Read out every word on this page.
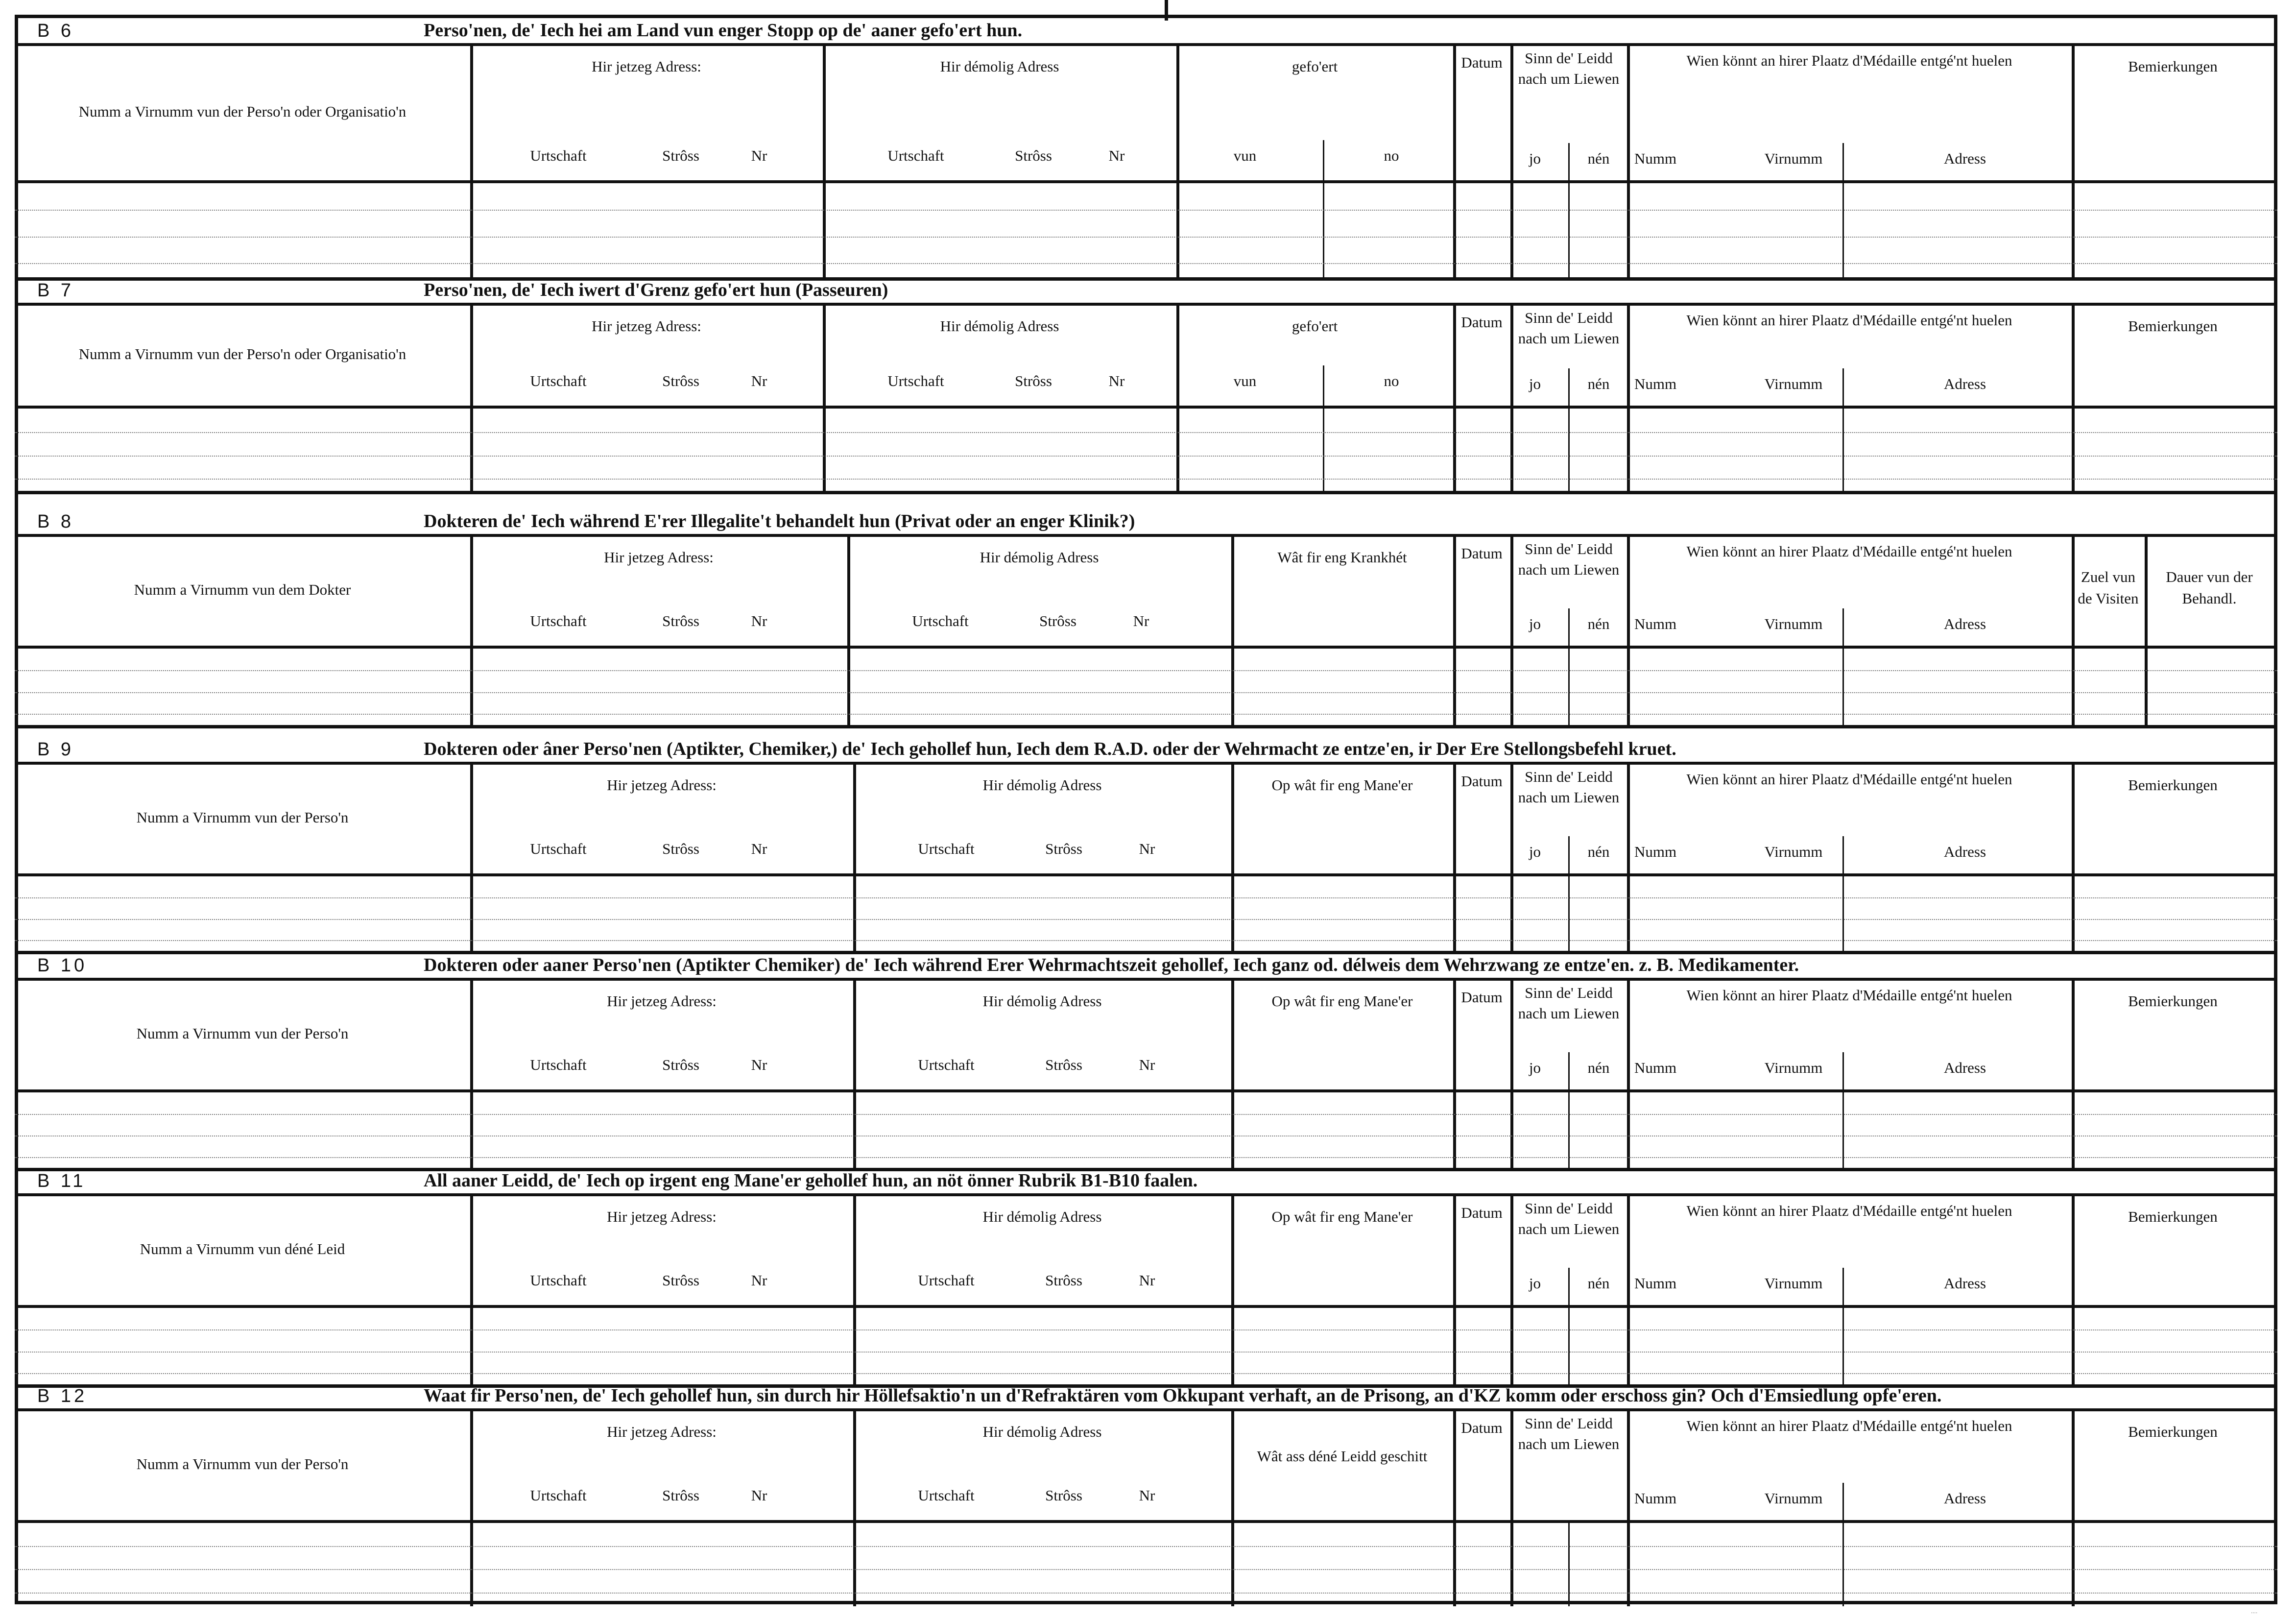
B 6	Perso'nen, de' Iech hei am Land vun enger Stopp op de' aaner gefo'ert hun.
Numm a Virnumm vun der Perso'n oder Organisatio'n
Hir jetzeg Adress:
Urtschaft	Strôss	Nr
Hir démolig Adress
Urtschaft	Strôss	Nr
gefo'ert
vun	no
Datum	Sinn de' Leidd nach um Liewen
jo	nén
Wien könnt an hirer Plaatz d'Médaille entgé'nt huelen
Numm	Virnumm	Adress
Bemierkungen
B 7	Perso'nen, de' Iech iwert d'Grenz gefo'ert hun (Passeuren)
Numm a Virnumm vun der Perso'n oder Organisatio'n
Hir jetzeg Adress:
Urtschaft	Strôss	Nr
Hir démolig Adress
Urtschaft	Strôss	Nr
gefo'ert
vun	no
Datum	Sinn de' Leidd nach um Liewen
jo	nén
Wien könnt an hirer Plaatz d'Médaille entgé'nt huelen
Numm	Virnumm	Adress
Bemierkungen
B 8	Dokteren de' Iech während E'rer Illegalite't behandelt hun (Privat oder an enger Klinik?)
Numm a Virnumm vun dem Dokter
Hir jetzeg Adress:
Urtschaft	Strôss	Nr
Hir démolig Adress
Urtschaft	Strôss	Nr
Wât fir eng Krankhét	Datum	Sinn de' Leidd nach um Liewen
jo	nén
Wien könnt an hirer Plaatz d'Médaille entgé'nt huelen
Numm	Virnumm	Adress
Zuel vun de Visiten
Dauer vun der Behandl.
B 9	Dokteren oder âner Perso'nen (Aptikter, Chemiker,) de' Iech gehollef hun, Iech dem R.A.D. oder der Wehrmacht ze entze'en, ir Der Ere Stellongsbefehl kruet.
Numm a Virnumm vun der Perso'n
Hir jetzeg Adress:
Urtschaft	Strôss	Nr
Hir démolig Adress
Urtschaft	Strôss	Nr
Op wât fir eng Mane'er	Datum	Sinn de' Leidd nach um Liewen
jo	nén
Wien könnt an hirer Plaatz d'Médaille entgé'nt huelen
Numm	Virnumm	Adress
Bemierkungen
B 10	Dokteren oder aaner Perso'nen (Aptikter Chemiker) de' Iech während Erer Wehrmachtszeit gehollef, Iech ganz od. délweis dem Wehrzwang ze entze'en. z. B. Medikamenter.
Numm a Virnumm vun der Perso'n
Hir jetzeg Adress:
Urtschaft	Strôss	Nr
Hir démolig Adress
Urtschaft	Strôss	Nr
Op wât fir eng Mane'er	Datum	Sinn de' Leidd nach um Liewen
jo	nén
Wien könnt an hirer Plaatz d'Médaille entgé'nt huelen
Numm	Virnumm	Adress
Bemierkungen
B 11	All aaner Leidd, de' Iech op irgent eng Mane'er gehollef hun, an nöt önner Rubrik B1-B10 faalen.
Numm a Virnumm vun déné Leid
Hir jetzeg Adress:
Urtschaft	Strôss	Nr
Hir démolig Adress
Urtschaft	Strôss	Nr
Op wât fir eng Mane'er	Datum	Sinn de' Leidd nach um Liewen
jo	nén
Wien könnt an hirer Plaatz d'Médaille entgé'nt huelen
Numm	Virnumm	Adress
Bemierkungen
B 12	Waat fir Perso'nen, de' Iech gehollef hun, sin durch hir Höllefsaktio'n un d'Refraktären vom Okkupant verhaft, an de Prisong, an d'KZ komm oder erschoss gin? Och d'Emsiedlung opfe'eren.
Numm a Virnumm vun der Perso'n
Hir jetzeg Adress:
Urtschaft	Strôss	Nr
Hir démolig Adress
Urtschaft	Strôss	Nr
Wât ass déné Leidd geschitt
Datum	Sinn de' Leidd nach um Liewen
Wien könnt an hirer Plaatz d'Médaille entgé'nt huelen
Numm	Virnumm	Adress
Bemierkungen
....
